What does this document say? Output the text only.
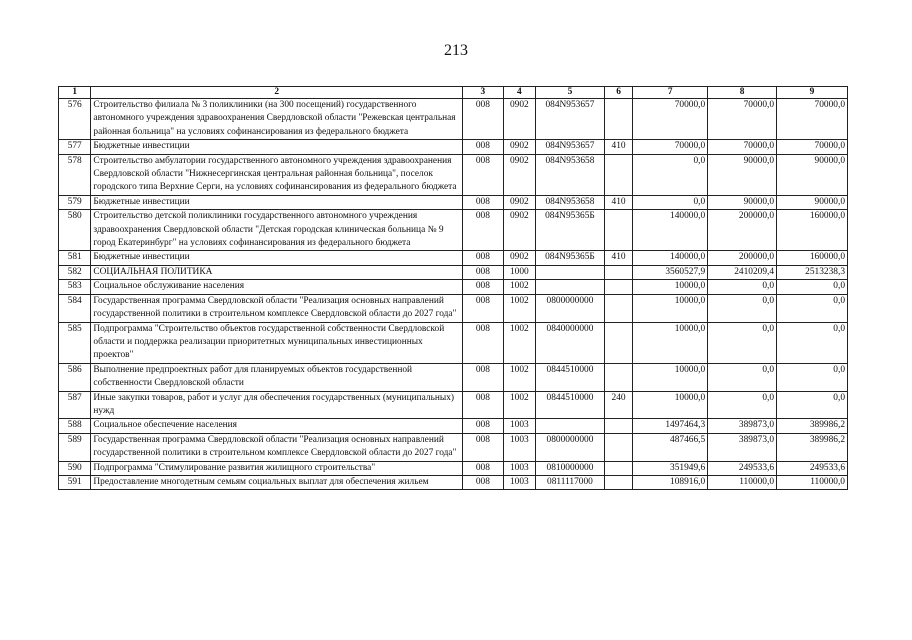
213
1	2	3	4	5	6	7	8	9
576	Строительство филиала № 3 поликлиники (на 300 посещений) государственного автономного учреждения здравоохранения Свердловской области "Режевская центральная районная больница" на условиях софинансирования из федерального бюджета	008	0902	084N953657		70000,0	70000,0	70000,0
577	Бюджетные инвестиции	008	0902	084N953657	410	70000,0	70000,0	70000,0
578	Строительство амбулатории государственного автономного учреждения здравоохранения Свердловской области "Нижнесергинская центральная районная больница", поселок городского типа Верхние Серги, на условиях софинансирования из федерального бюджета	008	0902	084N953658		0,0	90000,0	90000,0
579	Бюджетные инвестиции	008	0902	084N953658	410	0,0	90000,0	90000,0
580	Строительство детской поликлиники государственного автономного учреждения здравоохранения Свердловской области "Детская городская клиническая больница № 9 город Екатеринбург" на условиях софинансирования из федерального бюджета	008	0902	084N95365Б		140000,0	200000,0	160000,0
581	Бюджетные инвестиции	008	0902	084N95365Б	410	140000,0	200000,0	160000,0
582	СОЦИАЛЬНАЯ ПОЛИТИКА	008	1000			3560527,9	2410209,4	2513238,3
583	Социальное обслуживание населения	008	1002			10000,0	0,0	0,0
584	Государственная программа Свердловской области "Реализация основных направлений государственной политики в строительном комплексе Свердловской области до 2027 года"	008	1002	0800000000		10000,0	0,0	0,0
585	Подпрограмма "Строительство объектов государственной собственности Свердловской области и поддержка реализации приоритетных муниципальных инвестиционных проектов"	008	1002	0840000000		10000,0	0,0	0,0
586	Выполнение предпроектных работ для планируемых объектов государственной собственности Свердловской области	008	1002	0844510000		10000,0	0,0	0,0
587	Иные закупки товаров, работ и услуг для обеспечения государственных (муниципальных) нужд	008	1002	0844510000	240	10000,0	0,0	0,0
588	Социальное обеспечение населения	008	1003			1497464,3	389873,0	389986,2
589	Государственная программа Свердловской области "Реализация основных направлений государственной политики в строительном комплексе Свердловской области до 2027 года"	008	1003	0800000000		487466,5	389873,0	389986,2
590	Подпрограмма "Стимулирование развития жилищного строительства"	008	1003	0810000000		351949,6	249533,6	249533,6
591	Предоставление многодетным семьям социальных выплат для обеспечения жильем	008	1003	0811117000		108916,0	110000,0	110000,0
